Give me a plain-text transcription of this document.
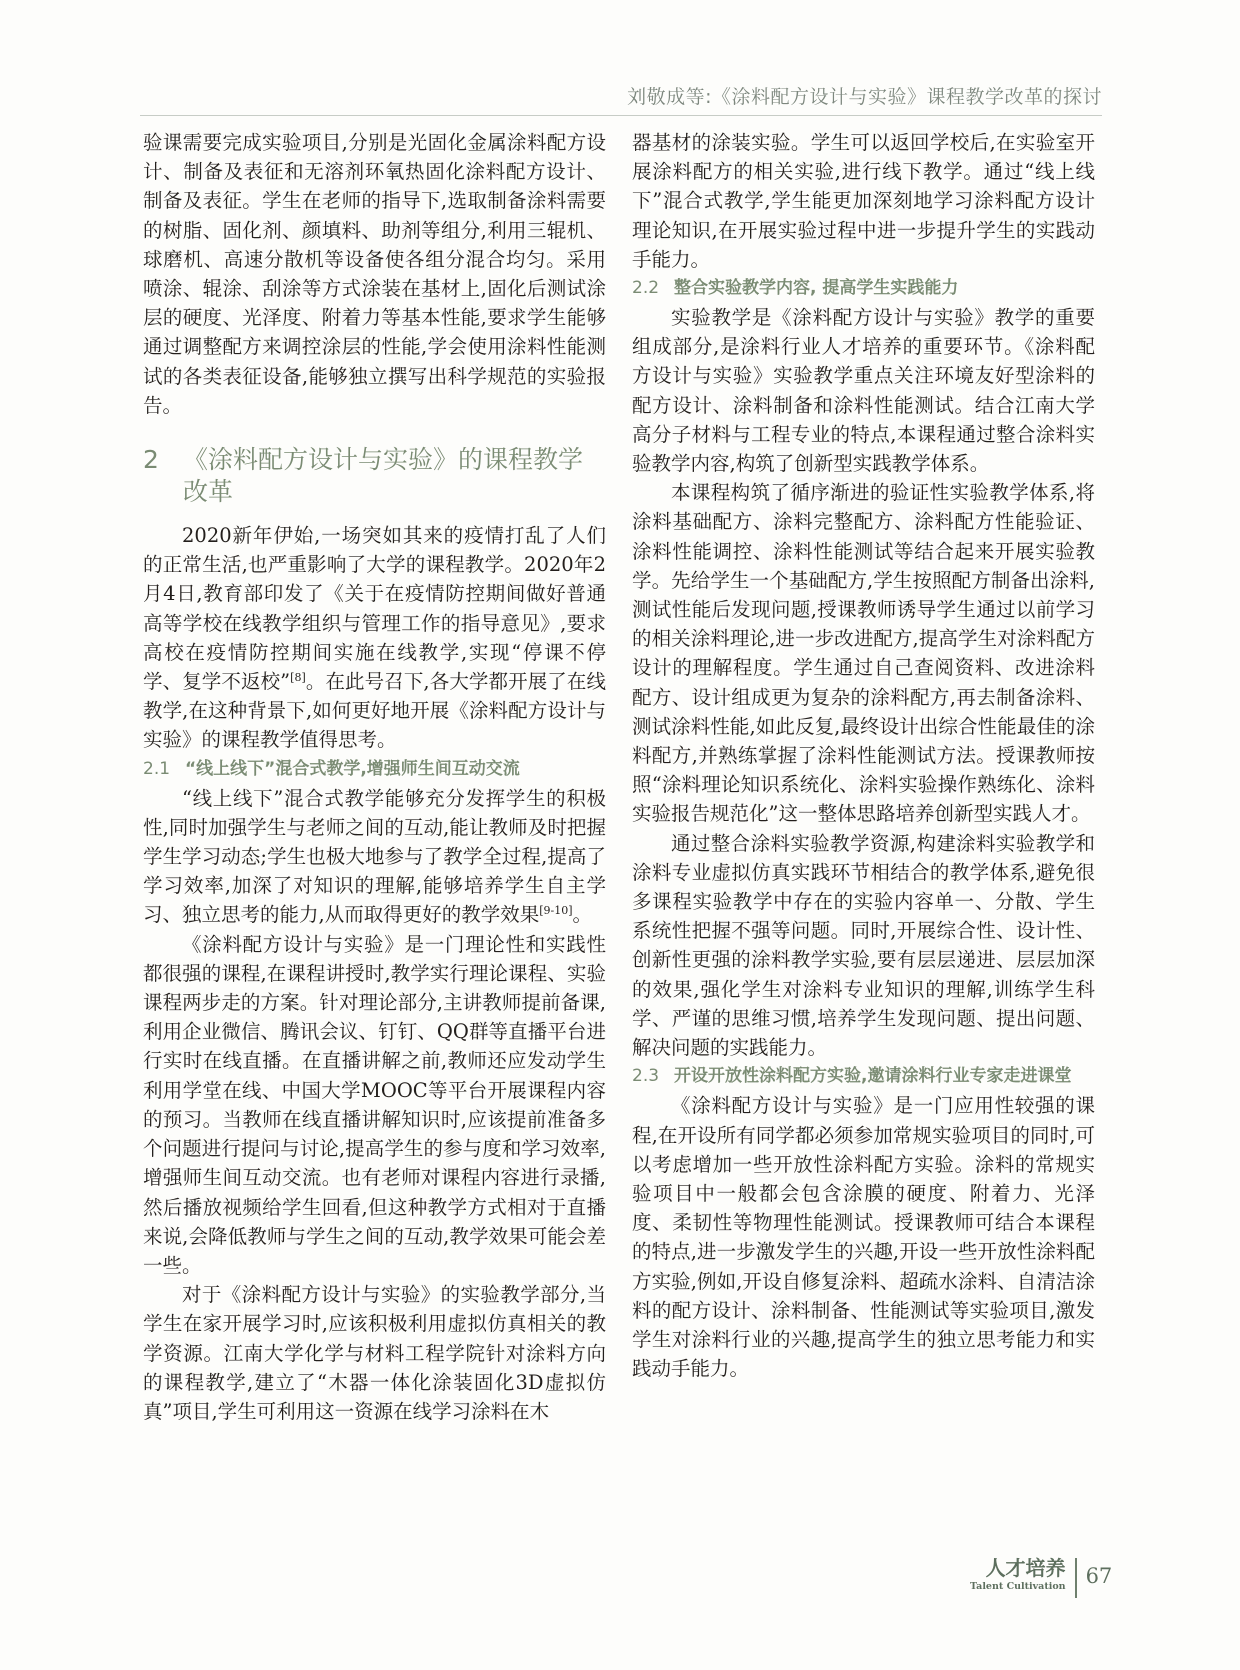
刘敬成等:《涂料配方设计与实验》课程教学改革的探讨

验课需要完成实验项目,分别是光固化金属涂料配方设计、制备及表征和无溶剂环氧热固化涂料配方设计、制备及表征。学生在老师的指导下,选取制备涂料需要的树脂、固化剂、颜填料、助剂等组分,利用三辊机、球磨机、高速分散机等设备使各组分混合均匀。采用喷涂、辊涂、刮涂等方式涂装在基材上,固化后测试涂层的硬度、光泽度、附着力等基本性能,要求学生能够通过调整配方来调控涂层的性能,学会使用涂料性能测试的各类表征设备,能够独立撰写出科学规范的实验报告。

2 《涂料配方设计与实验》的课程教学改革

2020新年伊始,一场突如其来的疫情打乱了人们的正常生活,也严重影响了大学的课程教学。2020年2月4日,教育部印发了《关于在疫情防控期间做好普通高等学校在线教学组织与管理工作的指导意见》,要求高校在疫情防控期间实施在线教学,实现“停课不停学、复学不返校”[8]。在此号召下,各大学都开展了在线教学,在这种背景下,如何更好地开展《涂料配方设计与实验》的课程教学值得思考。

2.1 “线上线下”混合式教学,增强师生间互动交流

“线上线下”混合式教学能够充分发挥学生的积极性,同时加强学生与老师之间的互动,能让教师及时把握学生学习动态;学生也极大地参与了教学全过程,提高了学习效率,加深了对知识的理解,能够培养学生自主学习、独立思考的能力,从而取得更好的教学效果[9-10]。

《涂料配方设计与实验》是一门理论性和实践性都很强的课程,在课程讲授时,教学实行理论课程、实验课程两步走的方案。针对理论部分,主讲教师提前备课,利用企业微信、腾讯会议、钉钉、QQ群等直播平台进行实时在线直播。在直播讲解之前,教师还应发动学生利用学堂在线、中国大学MOOC等平台开展课程内容的预习。当教师在线直播讲解知识时,应该提前准备多个问题进行提问与讨论,提高学生的参与度和学习效率,增强师生间互动交流。也有老师对课程内容进行录播,然后播放视频给学生回看,但这种教学方式相对于直播来说,会降低教师与学生之间的互动,教学效果可能会差一些。

对于《涂料配方设计与实验》的实验教学部分,当学生在家开展学习时,应该积极利用虚拟仿真相关的教学资源。江南大学化学与材料工程学院针对涂料方向的课程教学,建立了“木器一体化涂装固化3D虚拟仿真”项目,学生可利用这一资源在线学习涂料在木

器基材的涂装实验。学生可以返回学校后,在实验室开展涂料配方的相关实验,进行线下教学。通过“线上线下”混合式教学,学生能更加深刻地学习涂料配方设计理论知识,在开展实验过程中进一步提升学生的实践动手能力。

2.2 整合实验教学内容, 提高学生实践能力

实验教学是《涂料配方设计与实验》教学的重要组成部分,是涂料行业人才培养的重要环节。《涂料配方设计与实验》实验教学重点关注环境友好型涂料的配方设计、涂料制备和涂料性能测试。结合江南大学高分子材料与工程专业的特点,本课程通过整合涂料实验教学内容,构筑了创新型实践教学体系。

本课程构筑了循序渐进的验证性实验教学体系,将涂料基础配方、涂料完整配方、涂料配方性能验证、涂料性能调控、涂料性能测试等结合起来开展实验教学。先给学生一个基础配方,学生按照配方制备出涂料,测试性能后发现问题,授课教师诱导学生通过以前学习的相关涂料理论,进一步改进配方,提高学生对涂料配方设计的理解程度。学生通过自己查阅资料、改进涂料配方、设计组成更为复杂的涂料配方,再去制备涂料、测试涂料性能,如此反复,最终设计出综合性能最佳的涂料配方,并熟练掌握了涂料性能测试方法。授课教师按照“涂料理论知识系统化、涂料实验操作熟练化、涂料实验报告规范化”这一整体思路培养创新型实践人才。

通过整合涂料实验教学资源,构建涂料实验教学和涂料专业虚拟仿真实践环节相结合的教学体系,避免很多课程实验教学中存在的实验内容单一、分散、学生系统性把握不强等问题。同时,开展综合性、设计性、创新性更强的涂料教学实验,要有层层递进、层层加深的效果,强化学生对涂料专业知识的理解,训练学生科学、严谨的思维习惯,培养学生发现问题、提出问题、解决问题的实践能力。

2.3 开设开放性涂料配方实验,邀请涂料行业专家走进课堂

《涂料配方设计与实验》是一门应用性较强的课程,在开设所有同学都必须参加常规实验项目的同时,可以考虑增加一些开放性涂料配方实验。涂料的常规实验项目中一般都会包含涂膜的硬度、附着力、光泽度、柔韧性等物理性能测试。授课教师可结合本课程的特点,进一步激发学生的兴趣,开设一些开放性涂料配方实验,例如,开设自修复涂料、超疏水涂料、自清洁涂料的配方设计、涂料制备、性能测试等实验项目,激发学生对涂料行业的兴趣,提高学生的独立思考能力和实践动手能力。

人才培养
Talent Cultivation 67
